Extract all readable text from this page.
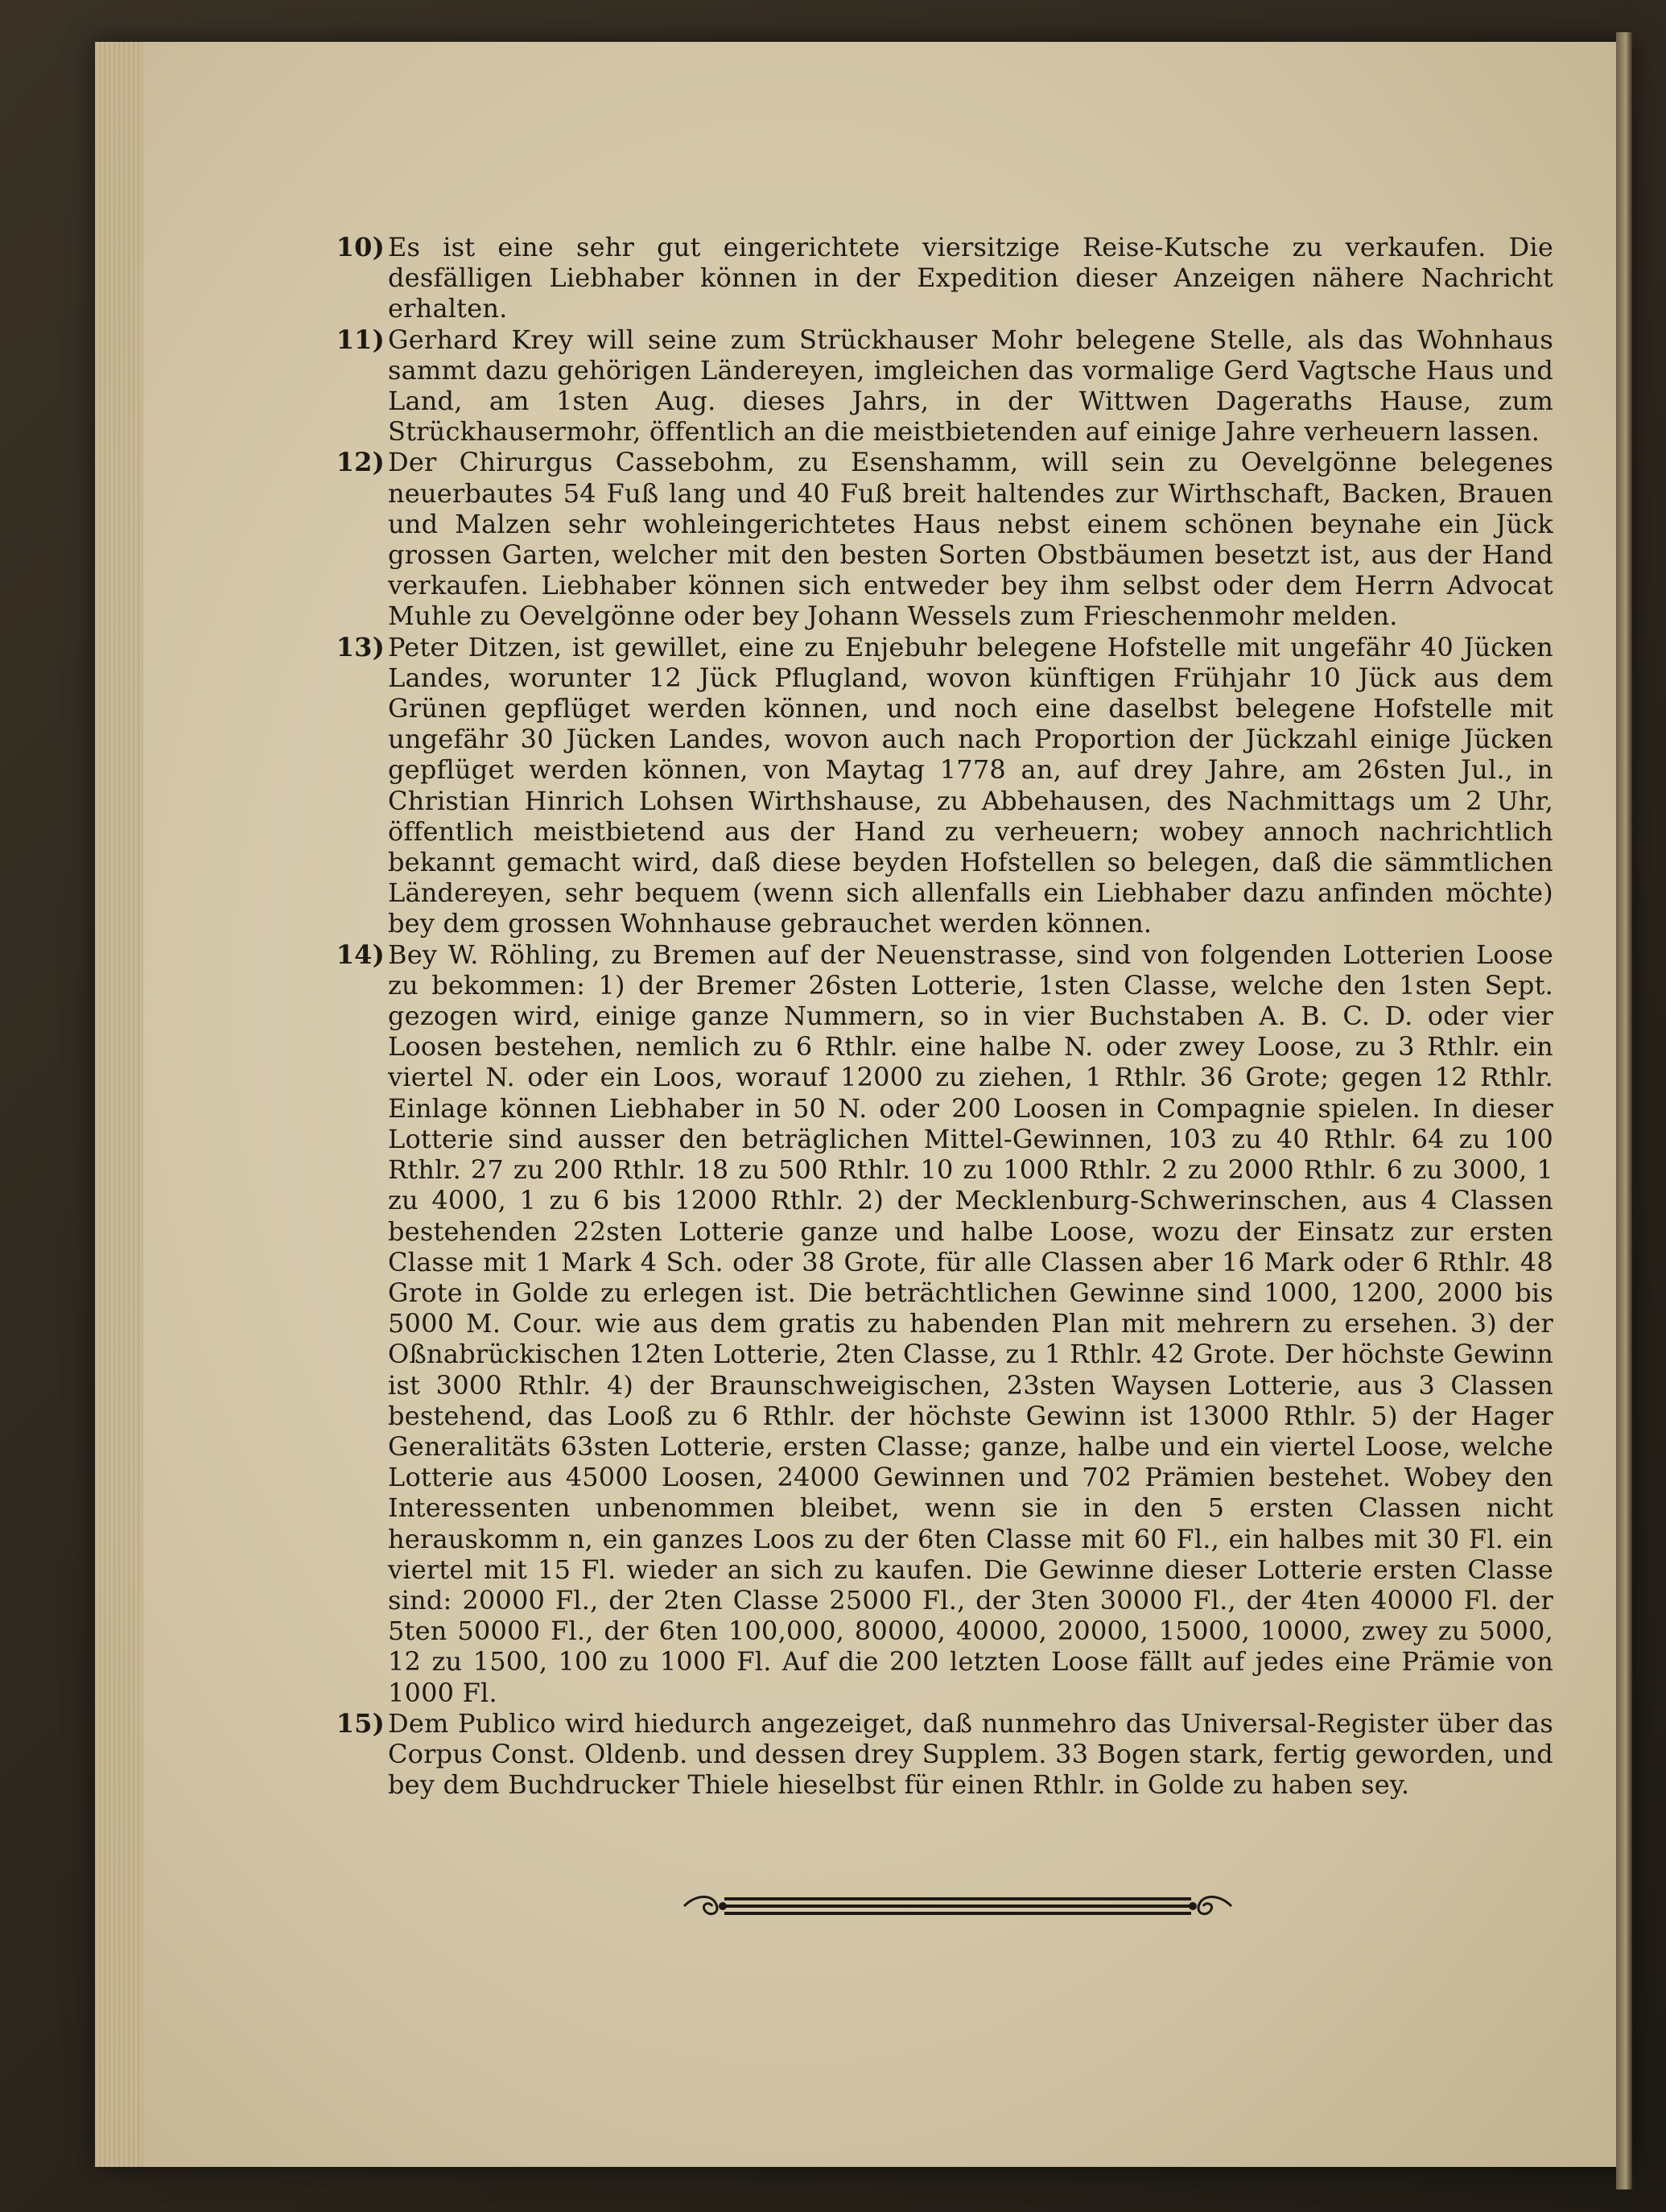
10) Es ist eine sehr gut eingerichtete viersitzige Reise-Kutsche zu verkaufen. Die desfälligen Liebhaber können in der Expedition dieser Anzeigen nähere Nachricht erhalten.
11) Gerhard Krey will seine zum Strückhauser Mohr belegene Stelle, als das Wohnhaus sammt dazu gehörigen Ländereyen, imgleichen das vormalige Gerd Vagtsche Haus und Land, am 1sten Aug. dieses Jahrs, in der Wittwen Dageraths Hause, zum Strückhausermohr, öffentlich an die meistbietenden auf einige Jahre verheuern lassen.
12) Der Chirurgus Cassebohm, zu Esenshamm, will sein zu Oevelgönne belegenes neuerbautes 54 Fuß lang und 40 Fuß breit haltendes zur Wirthschaft, Backen, Brauen und Malzen sehr wohleingerichtetes Haus nebst einem schönen beynahe ein Jück grossen Garten, welcher mit den besten Sorten Obstbäumen besetzt ist, aus der Hand verkaufen. Liebhaber können sich entweder bey ihm selbst oder dem Herrn Advocat Muhle zu Oevelgönne oder bey Johann Wessels zum Frieschenmohr melden.
13) Peter Ditzen, ist gewillet, eine zu Enjebuhr belegene Hofstelle mit ungefähr 40 Jücken Landes, worunter 12 Jück Pflugland, wovon künftigen Frühjahr 10 Jück aus dem Grünen gepflüget werden können, und noch eine daselbst belegene Hofstelle mit ungefähr 30 Jücken Landes, wovon auch nach Proportion der Jückzahl einige Jücken gepflüget werden können, von Maytag 1778 an, auf drey Jahre, am 26sten Jul., in Christian Hinrich Lohsen Wirthshause, zu Abbehausen, des Nachmittags um 2 Uhr, öffentlich meistbietend aus der Hand zu verheuern; wobey annoch nachrichtlich bekannt gemacht wird, daß diese beyden Hofstellen so belegen, daß die sämmtlichen Ländereyen, sehr bequem (wenn sich allenfalls ein Liebhaber dazu anfinden möchte) bey dem grossen Wohnhause gebrauchet werden können.
14) Bey W. Röhling, zu Bremen auf der Neuenstrasse, sind von folgenden Lotterien Loose zu bekommen: 1) der Bremer 26sten Lotterie, 1sten Classe, welche den 1sten Sept. gezogen wird, einige ganze Nummern, so in vier Buchstaben A. B. C. D. oder vier Loosen bestehen, nemlich zu 6 Rthlr. eine halbe N. oder zwey Loose, zu 3 Rthlr. ein viertel N. oder ein Loos, worauf 12000 zu ziehen, 1 Rthlr. 36 Grote; gegen 12 Rthlr. Einlage können Liebhaber in 50 N. oder 200 Loosen in Compagnie spielen. In dieser Lotterie sind ausser den beträglichen Mittel-Gewinnen, 103 zu 40 Rthlr. 64 zu 100 Rthlr. 27 zu 200 Rthlr. 18 zu 500 Rthlr. 10 zu 1000 Rthlr. 2 zu 2000 Rthlr. 6 zu 3000, 1 zu 4000, 1 zu 6 bis 12000 Rthlr. 2) der Mecklenburg-Schwerinschen, aus 4 Classen bestehenden 22sten Lotterie ganze und halbe Loose, wozu der Einsatz zur ersten Classe mit 1 Mark 4 Sch. oder 38 Grote, für alle Classen aber 16 Mark oder 6 Rthlr. 48 Grote in Golde zu erlegen ist. Die beträchtlichen Gewinne sind 1000, 1200, 2000 bis 5000 M. Cour. wie aus dem gratis zu habenden Plan mit mehrern zu ersehen. 3) der Oßnabrückischen 12ten Lotterie, 2ten Classe, zu 1 Rthlr. 42 Grote. Der höchste Gewinn ist 3000 Rthlr. 4) der Braunschweigischen, 23sten Waysen Lotterie, aus 3 Classen bestehend, das Looß zu 6 Rthlr. der höchste Gewinn ist 13000 Rthlr. 5) der Hager Generalitäts 63sten Lotterie, ersten Classe; ganze, halbe und ein viertel Loose, welche Lotterie aus 45000 Loosen, 24000 Gewinnen und 702 Prämien bestehet. Wobey den Interessenten unbenommen bleibet, wenn sie in den 5 ersten Classen nicht herauskomm n, ein ganzes Loos zu der 6ten Classe mit 60 Fl., ein halbes mit 30 Fl. ein viertel mit 15 Fl. wieder an sich zu kaufen. Die Gewinne dieser Lotterie ersten Classe sind: 20000 Fl., der 2ten Classe 25000 Fl., der 3ten 30000 Fl., der 4ten 40000 Fl. der 5ten 50000 Fl., der 6ten 100,000, 80000, 40000, 20000, 15000, 10000, zwey zu 5000, 12 zu 1500, 100 zu 1000 Fl. Auf die 200 letzten Loose fällt auf jedes eine Prämie von 1000 Fl.
15) Dem Publico wird hiedurch angezeiget, daß nunmehro das Universal-Register über das Corpus Const. Oldenb. und dessen drey Supplem. 33 Bogen stark, fertig geworden, und bey dem Buchdrucker Thiele hieselbst für einen Rthlr. in Golde zu haben sey.
